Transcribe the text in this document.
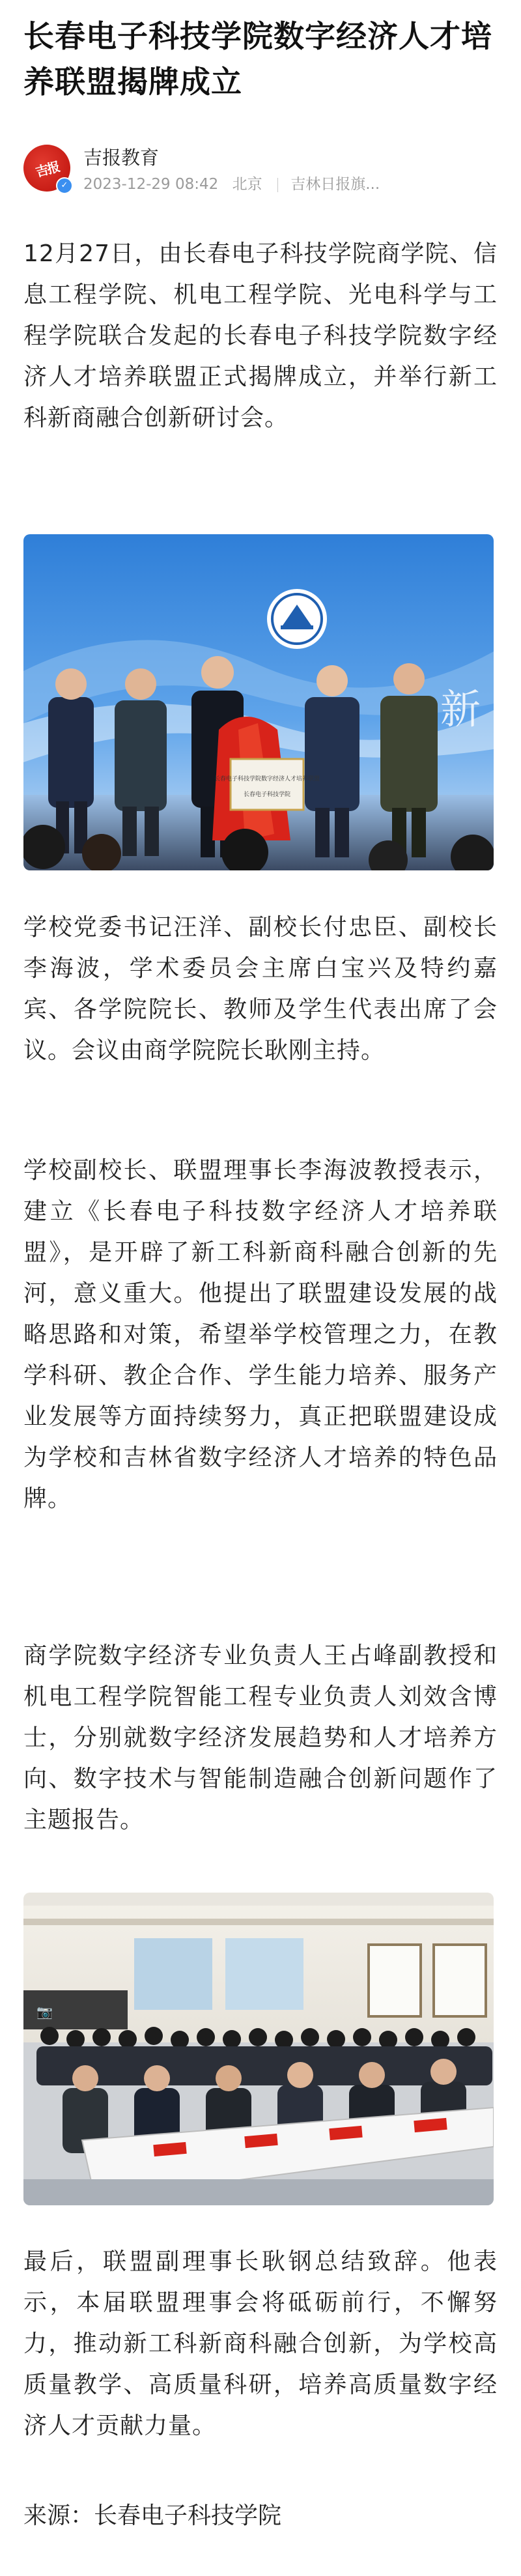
长春电子科技学院数字经济人才培养联盟揭牌成立
吉报
✓
吉报教育
2023-12-29 08:42 北京 吉林日报旗...
12月27日，由长春电子科技学院商学院、信息工程学院、机电工程学院、光电科学与工程学院联合发起的长春电子科技学院数字经济人才培养联盟正式揭牌成立，并举行新工科新商融合创新研讨会。
新
长春电子科技学院数字经济人才培养联盟
长春电子科技学院
学校党委书记汪洋、副校长付忠臣、副校长李海波，学术委员会主席白宝兴及特约嘉宾、各学院院长、教师及学生代表出席了会议。会议由商学院院长耿刚主持。
学校副校长、联盟理事长李海波教授表示，建立《长春电子科技数字经济人才培养联盟》，是开辟了新工科新商科融合创新的先河，意义重大。他提出了联盟建设发展的战略思路和对策，希望举学校管理之力，在教学科研、教企合作、学生能力培养、服务产业发展等方面持续努力，真正把联盟建设成为学校和吉林省数字经济人才培养的特色品牌。
商学院数字经济专业负责人王占峰副教授和机电工程学院智能工程专业负责人刘效含博士，分别就数字经济发展趋势和人才培养方向、数字技术与智能制造融合创新问题作了主题报告。
📷
最后，联盟副理事长耿钢总结致辞。他表示，本届联盟理事会将砥砺前行，不懈努力，推动新工科新商科融合创新，为学校高质量教学、高质量科研，培养高质量数字经济人才贡献力量。
来源：长春电子科技学院
